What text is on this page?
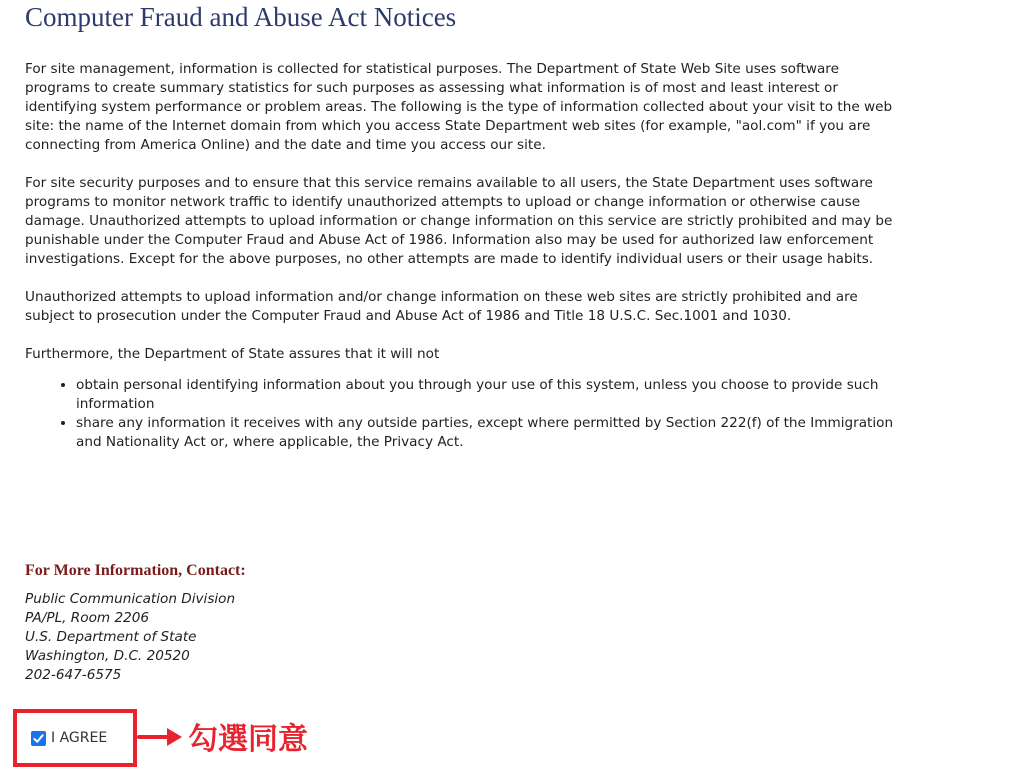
Computer Fraud and Abuse Act Notices

For site management, information is collected for statistical purposes. The Department of State Web Site uses software programs to create summary statistics for such purposes as assessing what information is of most and least interest or identifying system performance or problem areas. The following is the type of information collected about your visit to the web site: the name of the Internet domain from which you access State Department web sites (for example, "aol.com" if you are connecting from America Online) and the date and time you access our site.

For site security purposes and to ensure that this service remains available to all users, the State Department uses software programs to monitor network traffic to identify unauthorized attempts to upload or change information or otherwise cause damage. Unauthorized attempts to upload information or change information on this service are strictly prohibited and may be punishable under the Computer Fraud and Abuse Act of 1986. Information also may be used for authorized law enforcement investigations. Except for the above purposes, no other attempts are made to identify individual users or their usage habits.

Unauthorized attempts to upload information and/or change information on these web sites are strictly prohibited and are subject to prosecution under the Computer Fraud and Abuse Act of 1986 and Title 18 U.S.C. Sec.1001 and 1030.

Furthermore, the Department of State assures that it will not

• obtain personal identifying information about you through your use of this system, unless you choose to provide such information
• share any information it receives with any outside parties, except where permitted by Section 222(f) of the Immigration and Nationality Act or, where applicable, the Privacy Act.
For More Information, Contact:
Public Communication Division
PA/PL, Room 2206
U.S. Department of State
Washington, D.C. 20520
202-647-6575
I AGREE	勾選同意
